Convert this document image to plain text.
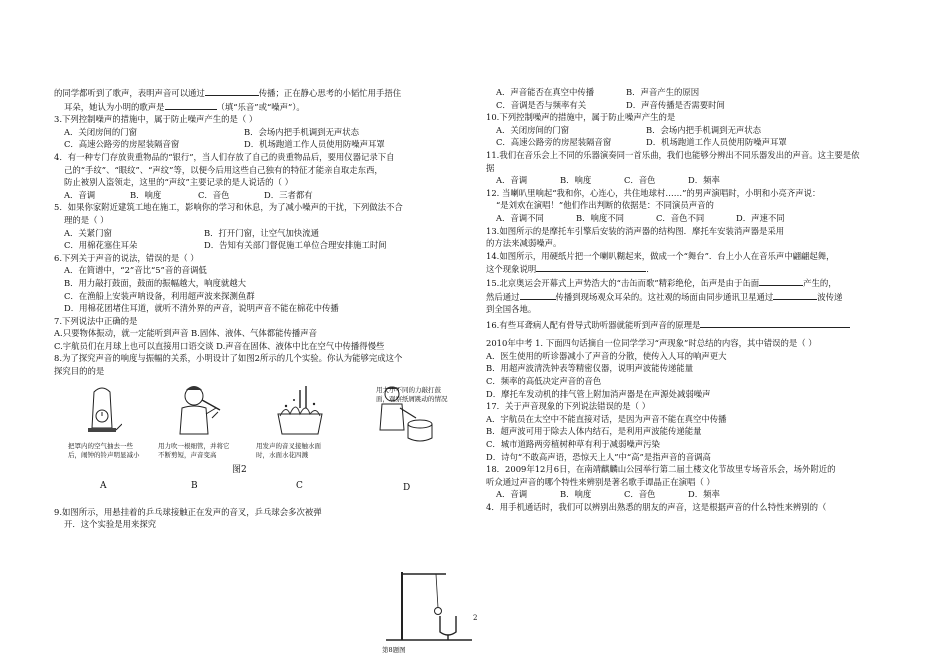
的同学都听到了歌声，表明声音可以通过	传播；正在静心思考的小韬忙用手捂住
耳朵，她认为小明的歌声是	（填“乐音”或“噪声”）。
3.下列控制噪声的措施中，属于防止噪声产生的是（ ）
A．关闭房间的门窗	B．会场内把手机调到无声状态
C．高速公路旁的房屋装隔音窗	D．机场跑道工作人员使用防噪声耳罩
4．有一种专门存放贵重物品的“银行”，当人们存放了自己的贵重物品后，要用仪器记录下自
己的“手纹”、“眼纹”、“声纹”等，以便今后用这些自己独有的特征才能亲自取走东西，
防止被别人盗领走，这里的“声纹”主要记录的是人说话的（ ）
A．音调	B．响度	C．音色	D．三者都有
5．如果你家附近建筑工地在施工，影响你的学习和休息，为了减小噪声的干扰，下列做法不合
理的是（ ）
A．关紧门窗	B．打开门窗，让空气加快流通
C．用棉花塞住耳朵	D．告知有关部门督促施工单位合理安排施工时间
6.下列关于声音的说法，错误的是（ ）
A．在简谱中，“2”音比“5”音的音调低
B．用力敲打鼓面，鼓面的振幅越大，响度就越大
C．在渔船上安装声呐设备，利用超声波来探测鱼群
D．用棉花团堵住耳道，就听不清外界的声音，说明声音不能在棉花中传播
7.下列说法中正确的是
A.只要物体振动，就一定能听到声音 B.固体、液体、气体都能传播声音
C.宇航员们在月球上也可以直接用口语交谈 D.声音在固体、液体中比在空气中传播得慢些
8.为了探究声音的响度与振幅的关系，小明设计了如图2所示的几个实验。你认为能够完成这个
探究目的的是
把罩内的空气抽去一些后，闹钟的铃声明显减小
A
用力吹一根细管，并将它不断剪短，声音变高
B
用发声的音叉接触水面时，水面水花四溅
C
用大小不同的力敲打鼓面，观察纸屑跳动的情况
D
图2
9.如图所示，用悬挂着的乒乓球接触正在发声的音叉，乒乓球会多次被弹
开．这个实验是用来探究
第8题图
2
A．声音能否在真空中传播	B．声音产生的原因
C．音调是否与频率有关	D．声音传播是否需要时间
10.下列控制噪声的措施中，属于防止噪声产生的是
A．关闭房间的门窗	B．会场内把手机调到无声状态
C．高速公路旁的房屋装隔音窗	D．机场跑道工作人员使用防噪声耳罩
11.我们在音乐会上不同的乐器演奏同一首乐曲，我们也能够分辨出不同乐器发出的声音。这主要是依
据
A．音调	B．响度	C．音色	D．频率
12. 当喇叭里响起“我和你，心连心，共住地球村……”的男声演唱时，小明和小亮齐声说：
“是刘欢在演唱！”他们作出判断的依据是：不同演员声音的
A．音调不同	B．响度不同	C．音色不同	D．声速不同
13.如图所示的是摩托车引擎后安装的消声器的结构图．摩托车安装消声器是采用
的方法来减弱噪声。
14.如图所示，用硬纸片把一个喇叭糊起来，做成一个“舞台”．台上小人在音乐声中翩翩起舞，
这个现象说明	．
15.北京奥运会开幕式上声势浩大的“击缶而歌”精彩绝伦，缶声是由于缶面	产生的，
然后通过	传播到现场观众耳朵的。这社观的场面由同步通讯卫星通过	波传递
到全国各地。
16.有些耳聋病人配有骨导式助听器就能听到声音的原理是
2010年中考 1. 下面四句话摘自一位同学学习“声现象”时总结的内容，其中错误的是（ ）
A．医生使用的听诊器减小了声音的分散，使传入人耳的响声更大
B．用超声波清洗钟表等精密仪器，说明声波能传递能量
C．频率的高低决定声音的音色
D．摩托车发动机的排气管上附加消声器是在声源处减弱噪声
17．关于声音现象的下列说法错误的是（ ）
A．宇航员在太空中不能直接对话，是因为声音不能在真空中传播
B．超声波可用于除去人体内结石，是利用声波能传递能量
C．城市道路两旁植树种草有利于减弱噪声污染
D．诗句“不敢高声语，恐惊天上人”中“高”是指声音的音调高
18．2009年12月6日，在南靖麒麟山公园举行第二届土楼文化节故里专场音乐会，场外附近的
听众通过声音的哪个特性来辨别是著名歌手谭晶正在演唱（ ）
A．音调	B．响度	C．音色	D．频率
4．用手机通话时，我们可以辨别出熟悉的朋友的声音，这是根据声音的什么特性来辨别的（
